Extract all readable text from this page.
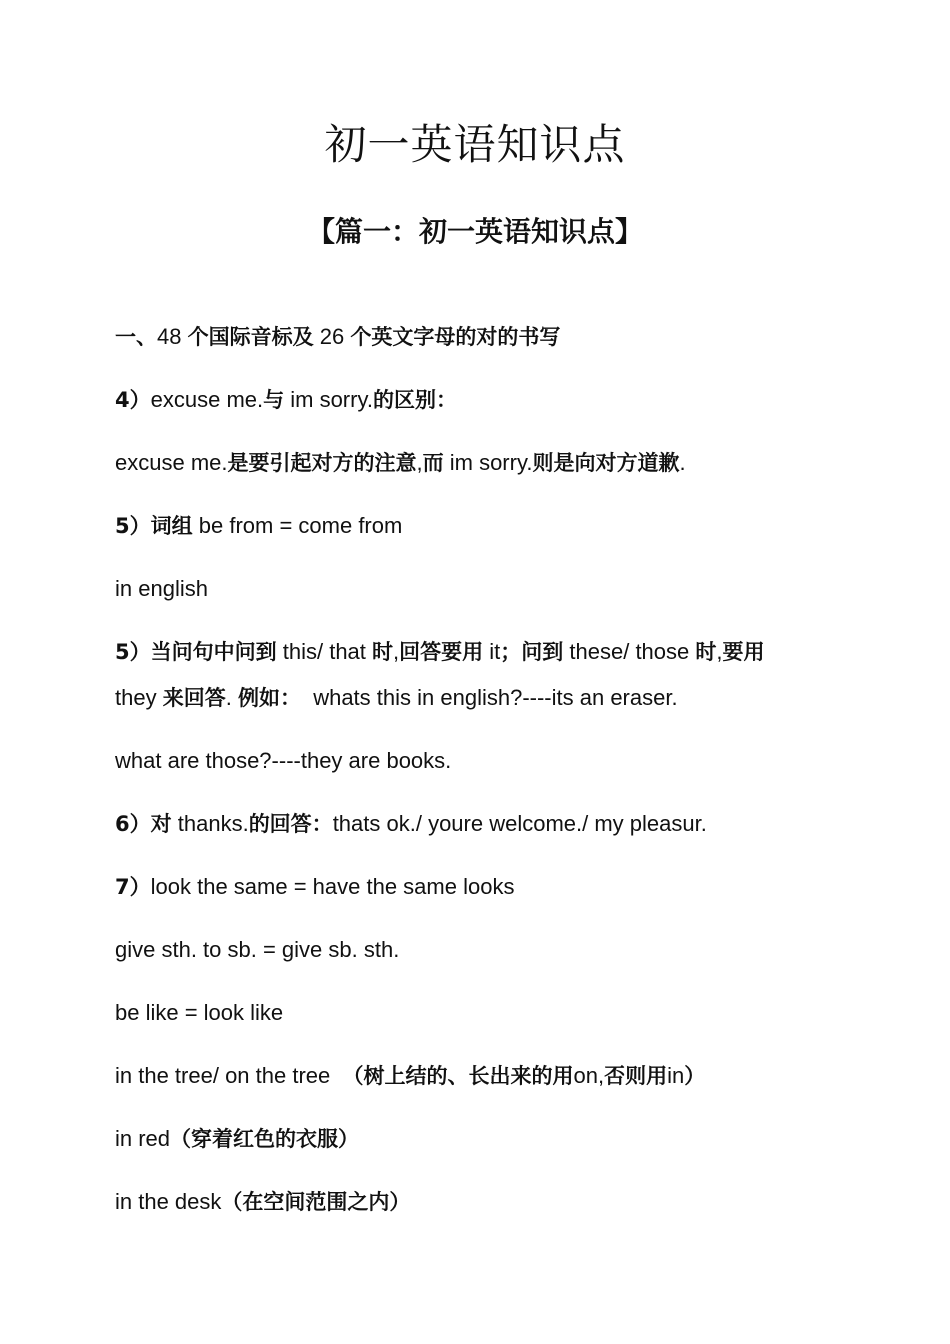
初一英语知识点
【篇一：初一英语知识点】
一、48 个国际音标及 26 个英文字母的对的书写
4）excuse me.与 im sorry.的区别：
excuse me.是要引起对方的注意,而 im sorry.则是向对方道歉.
5）词组 be from = come from
in english
5）当问句中问到 this/ that 时,回答要用 it；问到 these/ those 时,要用
they 来回答. 例如： whats this in english?----its an eraser.
what are those?----they are books.
6）对 thanks.的回答：thats ok./ youre welcome./ my pleasur.
7）look the same = have the same looks
give sth. to sb. = give sb. sth.
be like = look like
in the tree/ on the tree （树上结的、长出来的用on,否则用in）
in red（穿着红色的衣服）
in the desk（在空间范围之内）
